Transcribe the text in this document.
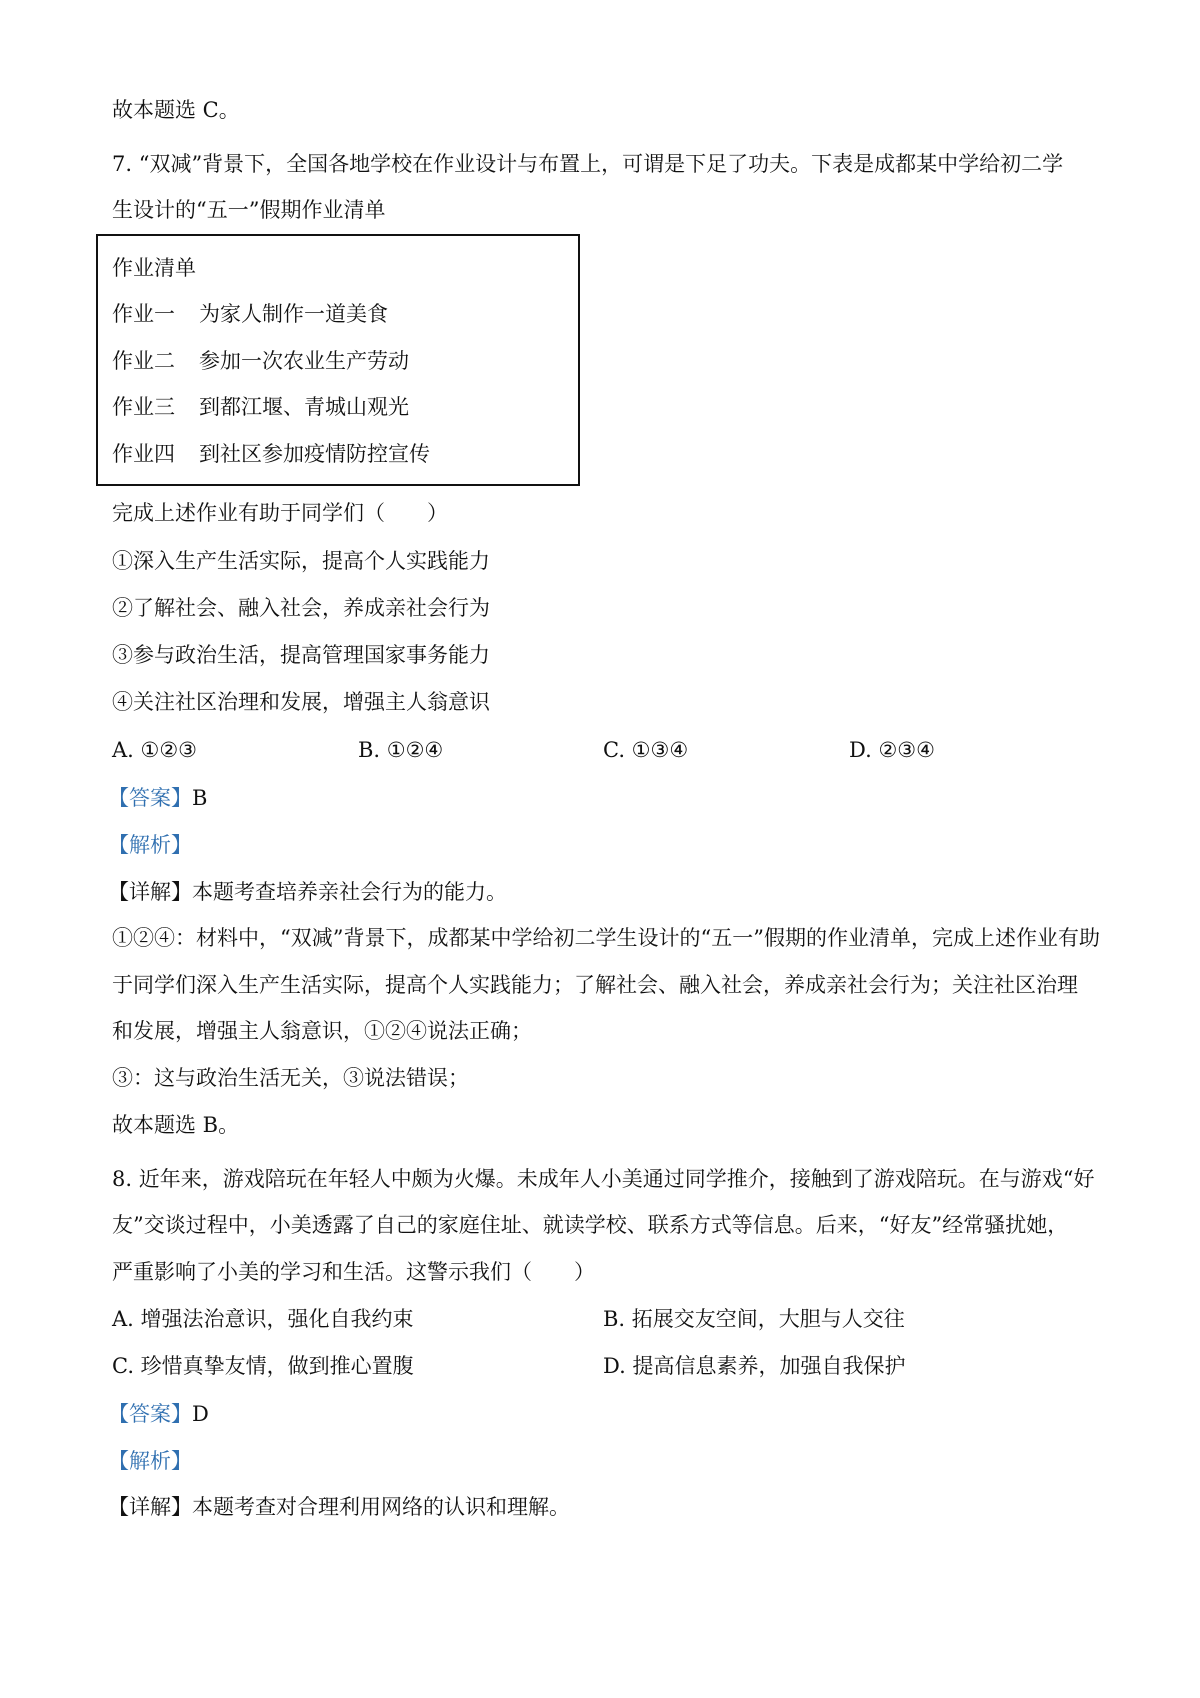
故本题选 C。
7. “双减”背景下，全国各地学校在作业设计与布置上，可谓是下足了功夫。下表是成都某中学给初二学
生设计的“五一”假期作业清单
作业清单
作业一 为家人制作一道美食
作业二 参加一次农业生产劳动
作业三 到都江堰、青城山观光
作业四 到社区参加疫情防控宣传
完成上述作业有助于同学们（　　）
①深入生产生活实际，提高个人实践能力
②了解社会、融入社会，养成亲社会行为
③参与政治生活，提高管理国家事务能力
④关注社区治理和发展，增强主人翁意识
A. ①②③	B. ①②④	C. ①③④	D. ②③④
【答案】B
【解析】
【详解】本题考查培养亲社会行为的能力。
①②④：材料中，“双减”背景下，成都某中学给初二学生设计的“五一”假期的作业清单，完成上述作业有助
于同学们深入生产生活实际，提高个人实践能力；了解社会、融入社会，养成亲社会行为；关注社区治理
和发展，增强主人翁意识，①②④说法正确；
③：这与政治生活无关，③说法错误；
故本题选 B。
8. 近年来，游戏陪玩在年轻人中颇为火爆。未成年人小美通过同学推介，接触到了游戏陪玩。在与游戏“好
友”交谈过程中，小美透露了自己的家庭住址、就读学校、联系方式等信息。后来，“好友”经常骚扰她，
严重影响了小美的学习和生活。这警示我们（　　）
A. 增强法治意识，强化自我约束	B. 拓展交友空间，大胆与人交往
C. 珍惜真挚友情，做到推心置腹	D. 提高信息素养，加强自我保护
【答案】D
【解析】
【详解】本题考查对合理利用网络的认识和理解。
